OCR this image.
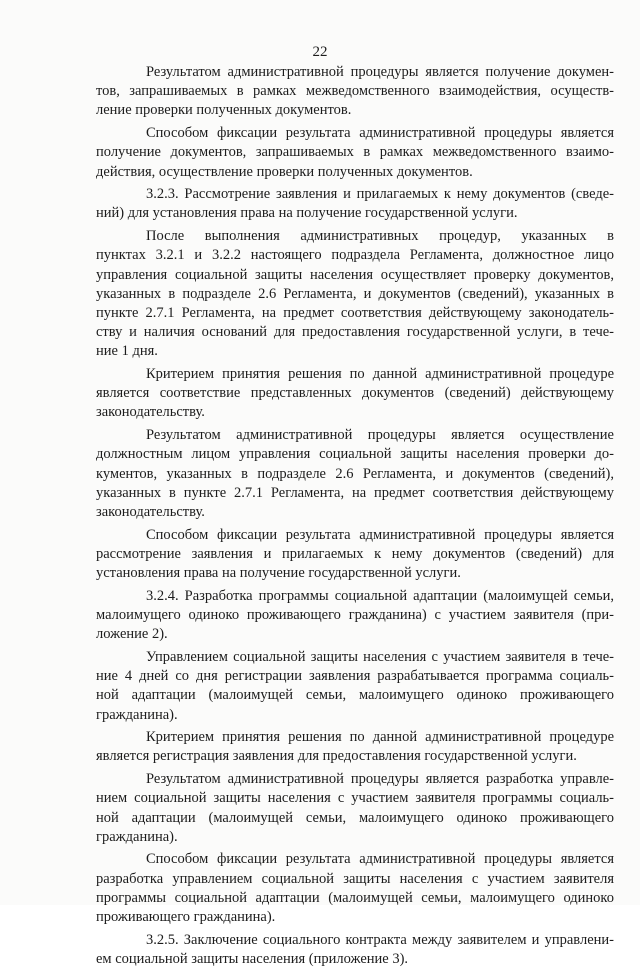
22
Результатом административной процедуры является получение докумен-
тов, запрашиваемых в рамках межведомственного взаимодействия, осуществ-
ление проверки полученных документов.
Способом фиксации результата административной процедуры является
получение документов, запрашиваемых в рамках межведомственного взаимо-
действия, осуществление проверки полученных документов.
3.2.3. Рассмотрение заявления и прилагаемых к нему документов (сведе-
ний) для установления права на получение государственной услуги.
После выполнения административных процедур, указанных в
пунктах 3.2.1 и 3.2.2 настоящего подраздела Регламента, должностное лицо
управления социальной защиты населения осуществляет проверку документов,
указанных в подразделе 2.6 Регламента, и документов (сведений), указанных в
пункте 2.7.1 Регламента, на предмет соответствия действующему законодатель-
ству и наличия оснований для предоставления государственной услуги, в тече-
ние 1 дня.
Критерием принятия решения по данной административной процедуре
является соответствие представленных документов (сведений) действующему
законодательству.
Результатом административной процедуры является осуществление
должностным лицом управления социальной защиты населения проверки до-
кументов, указанных в подразделе 2.6 Регламента, и документов (сведений),
указанных в пункте 2.7.1 Регламента, на предмет соответствия действующему
законодательству.
Способом фиксации результата административной процедуры является
рассмотрение заявления и прилагаемых к нему документов (сведений) для
установления права на получение государственной услуги.
3.2.4. Разработка программы социальной адаптации (малоимущей семьи,
малоимущего одиноко проживающего гражданина) с участием заявителя (при-
ложение 2).
Управлением социальной защиты населения с участием заявителя в тече-
ние 4 дней со дня регистрации заявления разрабатывается программа социаль-
ной адаптации (малоимущей семьи, малоимущего одиноко проживающего
гражданина).
Критерием принятия решения по данной административной процедуре
является регистрация заявления для предоставления государственной услуги.
Результатом административной процедуры является разработка управле-
нием социальной защиты населения с участием заявителя программы социаль-
ной адаптации (малоимущей семьи, малоимущего одиноко проживающего
гражданина).
Способом фиксации результата административной процедуры является
разработка управлением социальной защиты населения с участием заявителя
программы социальной адаптации (малоимущей семьи, малоимущего одиноко
проживающего гражданина).
3.2.5. Заключение социального контракта между заявителем и управлени-
ем социальной защиты населения (приложение 3).
